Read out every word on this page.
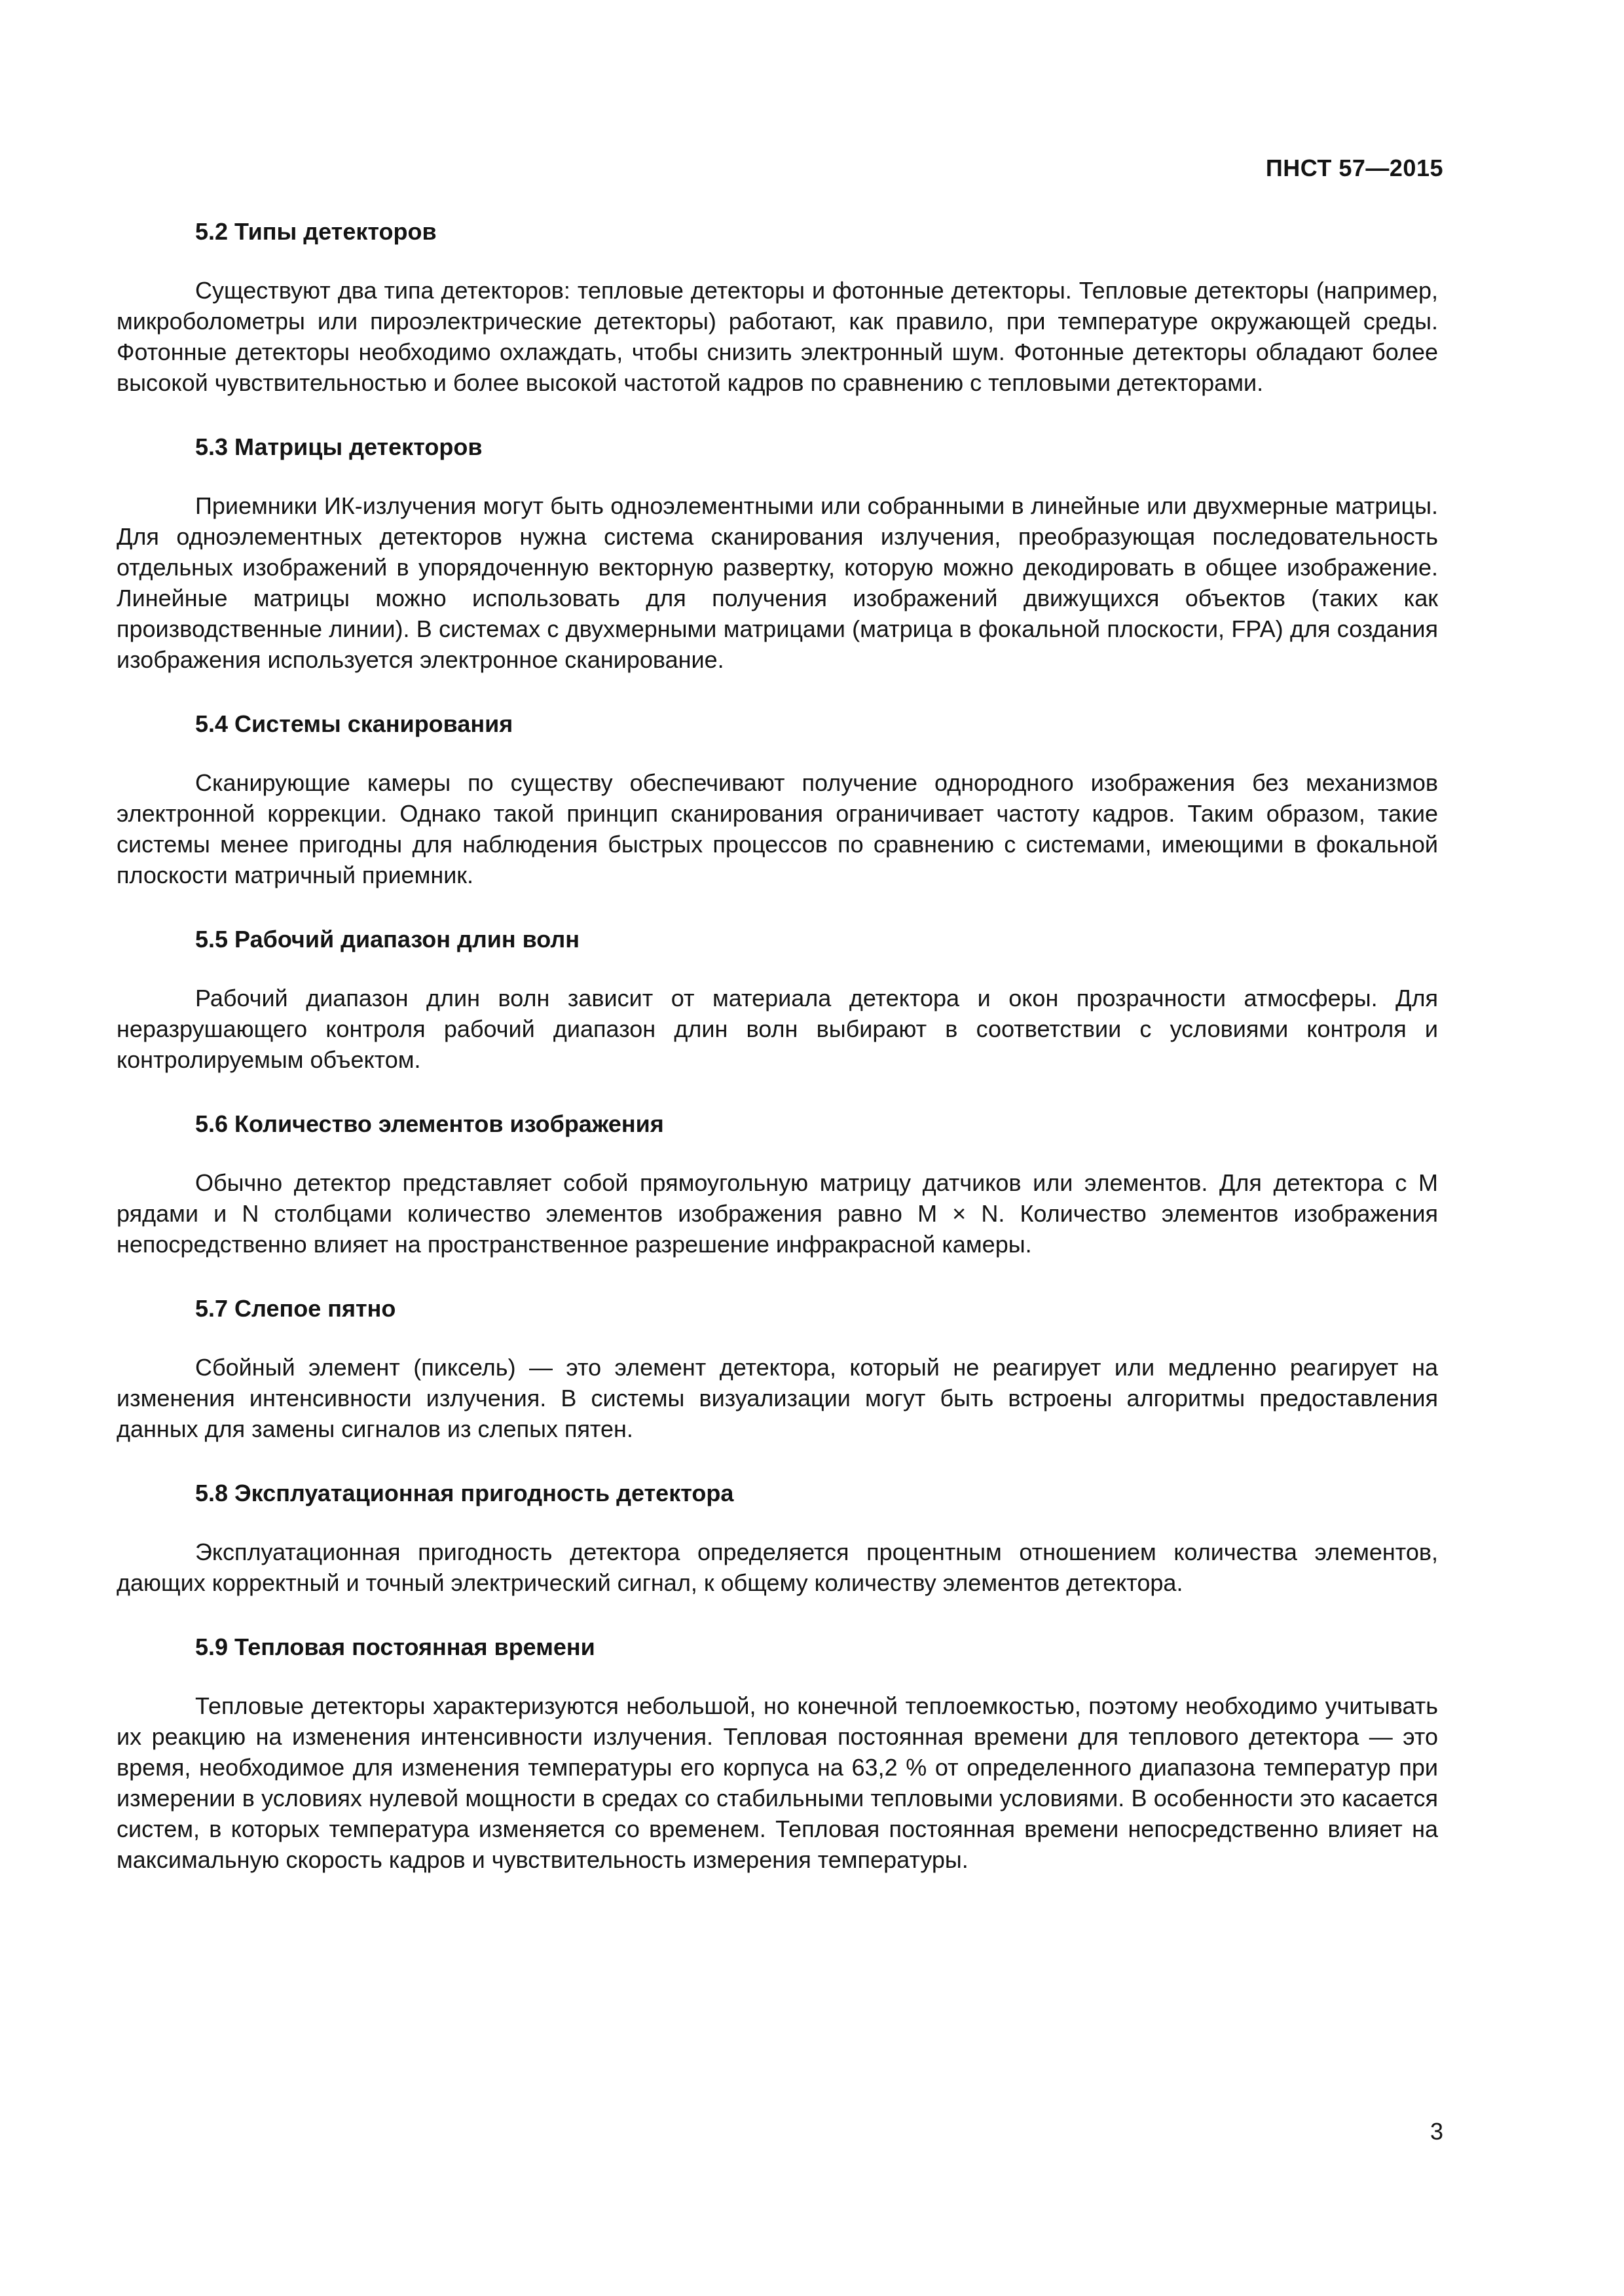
ПНСТ 57—2015
5.2 Типы детекторов

Существуют два типа детекторов: тепловые детекторы и фотонные детекторы. Тепловые детекторы (например, микроболометры или пироэлектрические детекторы) работают, как правило, при температуре окружающей среды. Фотонные детекторы необходимо охлаждать, чтобы снизить электронный шум. Фотонные детекторы обладают более высокой чувствительностью и более высокой частотой кадров по сравнению с тепловыми детекторами.

5.3 Матрицы детекторов

Приемники ИК-излучения могут быть одноэлементными или собранными в линейные или двухмерные матрицы. Для одноэлементных детекторов нужна система сканирования излучения, преобразующая последовательность отдельных изображений в упорядоченную векторную развертку, которую можно декодировать в общее изображение. Линейные матрицы можно использовать для получения изображений движущихся объектов (таких как производственные линии). В системах с двухмерными матрицами (матрица в фокальной плоскости, FPA) для создания изображения используется электронное сканирование.

5.4 Системы сканирования

Сканирующие камеры по существу обеспечивают получение однородного изображения без механизмов электронной коррекции. Однако такой принцип сканирования ограничивает частоту кадров. Таким образом, такие системы менее пригодны для наблюдения быстрых процессов по сравнению с системами, имеющими в фокальной плоскости матричный приемник.

5.5 Рабочий диапазон длин волн

Рабочий диапазон длин волн зависит от материала детектора и окон прозрачности атмосферы. Для неразрушающего контроля рабочий диапазон длин волн выбирают в соответствии с условиями контроля и контролируемым объектом.

5.6 Количество элементов изображения

Обычно детектор представляет собой прямоугольную матрицу датчиков или элементов. Для детектора с M рядами и N столбцами количество элементов изображения равно M × N. Количество элементов изображения непосредственно влияет на пространственное разрешение инфракрасной камеры.

5.7 Слепое пятно

Сбойный элемент (пиксель) — это элемент детектора, который не реагирует или медленно реагирует на изменения интенсивности излучения. В системы визуализации могут быть встроены алгоритмы предоставления данных для замены сигналов из слепых пятен.

5.8 Эксплуатационная пригодность детектора

Эксплуатационная пригодность детектора определяется процентным отношением количества элементов, дающих корректный и точный электрический сигнал, к общему количеству элементов детектора.

5.9 Тепловая постоянная времени

Тепловые детекторы характеризуются небольшой, но конечной теплоемкостью, поэтому необходимо учитывать их реакцию на изменения интенсивности излучения. Тепловая постоянная времени для теплового детектора — это время, необходимое для изменения температуры его корпуса на 63,2 % от определенного диапазона температур при измерении в условиях нулевой мощности в средах со стабильными тепловыми условиями. В особенности это касается систем, в которых температура изменяется со временем. Тепловая постоянная времени непосредственно влияет на максимальную скорость кадров и чувствительность измерения температуры.

3
